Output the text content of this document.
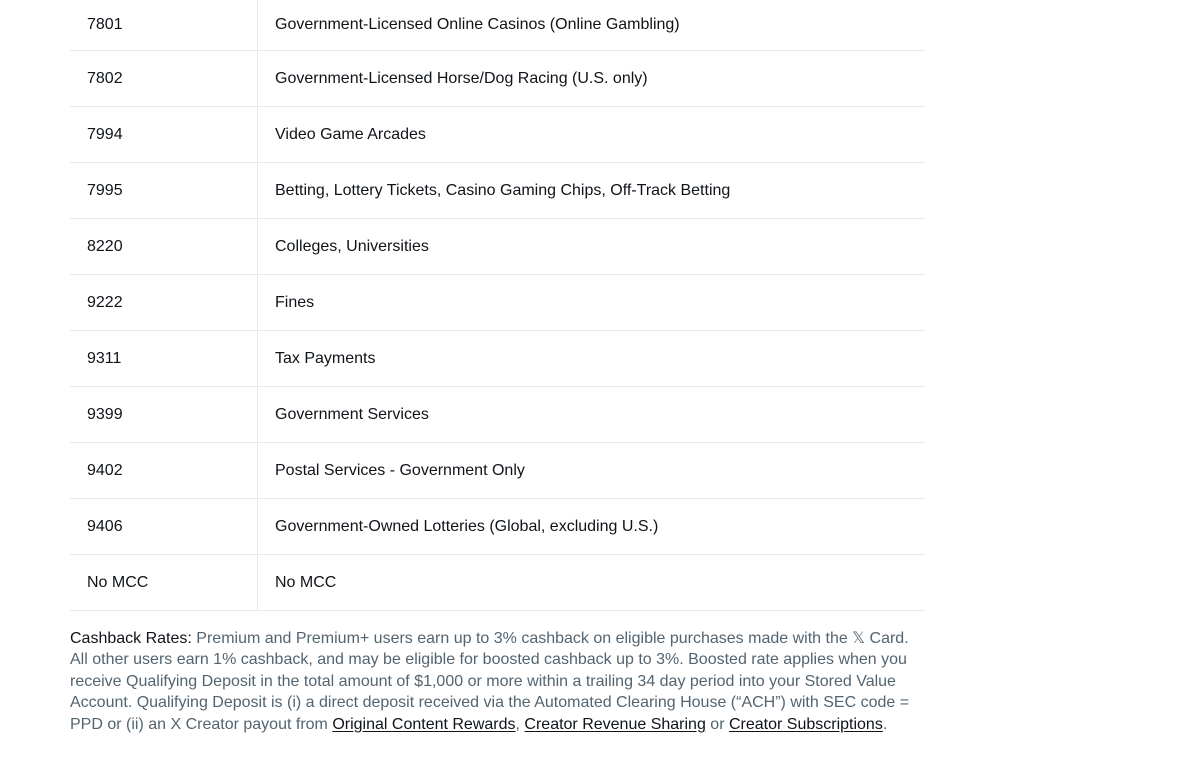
7801	Government-Licensed Online Casinos (Online Gambling)
7802	Government-Licensed Horse/Dog Racing (U.S. only)
7994	Video Game Arcades
7995	Betting, Lottery Tickets, Casino Gaming Chips, Off-Track Betting
8220	Colleges, Universities
9222	Fines
9311	Tax Payments
9399	Government Services
9402	Postal Services - Government Only
9406	Government-Owned Lotteries (Global, excluding U.S.)
No MCC	No MCC

Cashback Rates: Premium and Premium+ users earn up to 3% cashback on eligible purchases made with the 𝕏 Card. All other users earn 1% cashback, and may be eligible for boosted cashback up to 3%. Boosted rate applies when you receive Qualifying Deposit in the total amount of $1,000 or more within a trailing 34 day period into your Stored Value Account. Qualifying Deposit is (i) a direct deposit received via the Automated Clearing House (“ACH”) with SEC code = PPD or (ii) an X Creator payout from Original Content Rewards, Creator Revenue Sharing or Creator Subscriptions.
